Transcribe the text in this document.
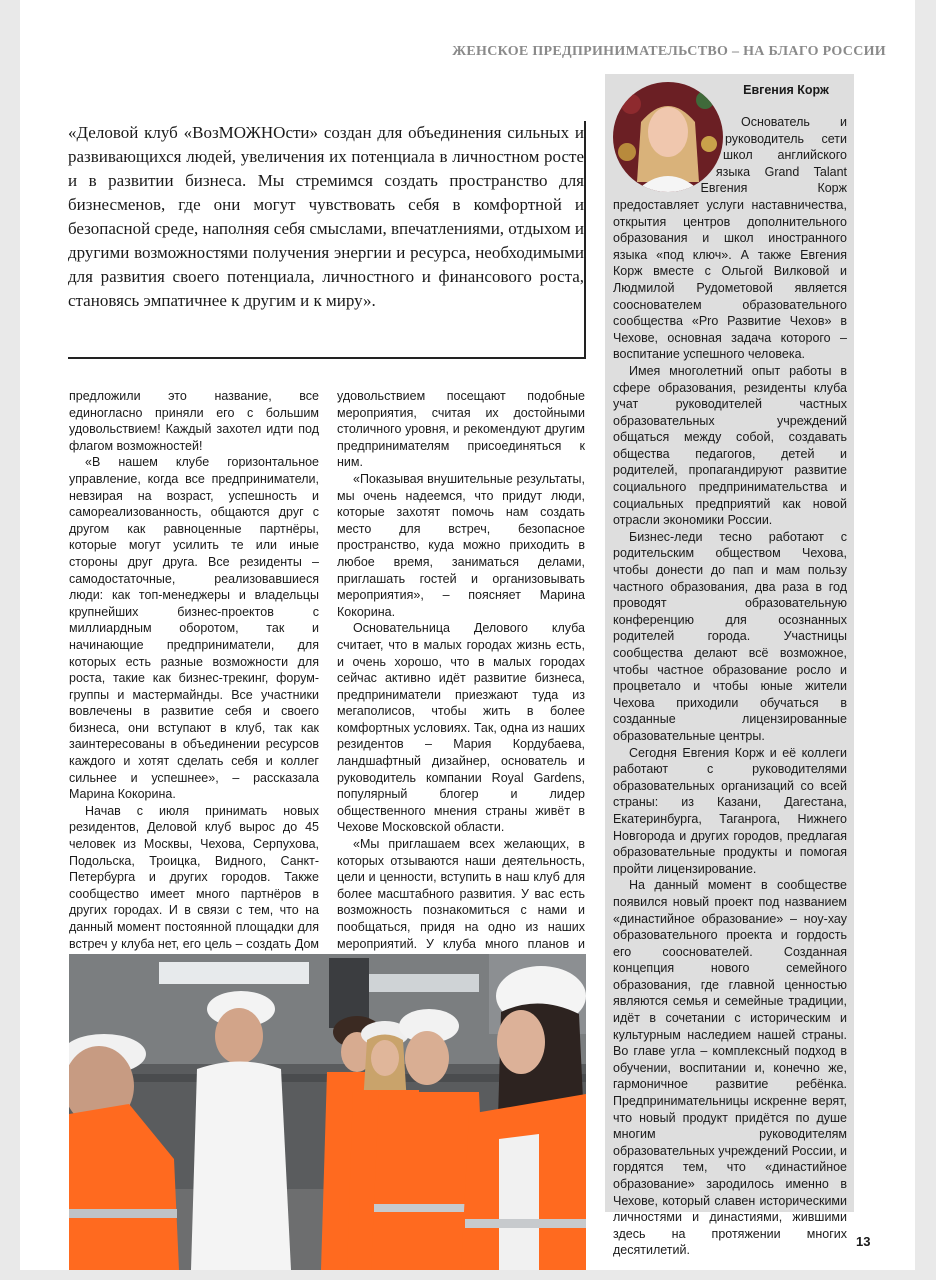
ЖЕНСКОЕ ПРЕДПРИНИМАТЕЛЬСТВО – НА БЛАГО РОССИИ

«Деловой клуб «ВозМОЖНОсти» создан для объединения сильных и развивающихся людей, увеличения их потенциала в личностном росте и в развитии бизнеса. Мы стремимся создать пространство для бизнесменов, где они могут чувствовать себя в комфортной и безопасной среде, наполняя себя смыслами, впечатлениями, отдыхом и другими возможностями получения энергии и ресурса, необходимыми для развития своего потенциала, личностного и финансового роста, становясь эмпатичнее к другим и к миру».

предложили это название, все единогласно приняли его с большим удовольствием! Каждый захотел идти под флагом возможностей!

«В нашем клубе горизонтальное управление, когда все предприниматели, невзирая на возраст, успешность и самореализованность, общаются друг с другом как равноценные партнёры, которые могут усилить те или иные стороны друг друга. Все резиденты – самодостаточные, реализовавшиеся люди: как топ-менеджеры и владельцы крупнейших бизнес-проектов с миллиардным оборотом, так и начинающие предприниматели, для которых есть разные возможности для роста, такие как бизнес-трекинг, форум-группы и мастермайнды. Все участники вовлечены в развитие себя и своего бизнеса, они вступают в клуб, так как заинтересованы в объединении ресурсов каждого и хотят сделать себя и коллег сильнее и успешнее», – рассказала Марина Кокорина.

Начав с июля принимать новых резидентов, Деловой клуб вырос до 45 человек из Москвы, Чехова, Серпухова, Подольска, Троицка, Видного, Санкт-Петербурга и других городов. Также сообщество имеет много партнёров в других городах. И в связи с тем, что на данный момент постоянной площадки для встреч у клуба нет, его цель – создать Дом

удовольствием посещают подобные мероприятия, считая их достойными столичного уровня, и рекомендуют другим предпринимателям присоединяться к ним.

«Показывая внушительные результаты, мы очень надеемся, что придут люди, которые захотят помочь нам создать место для встреч, безопасное пространство, куда можно приходить в любое время, заниматься делами, приглашать гостей и организовывать мероприятия», – поясняет Марина Кокорина.

Основательница Делового клуба считает, что в малых городах жизнь есть, и очень хорошо, что в малых городах сейчас активно идёт развитие бизнеса, предприниматели приезжают туда из мегаполисов, чтобы жить в более комфортных условиях. Так, одна из наших резидентов – Мария Кордубаева, ландшафтный дизайнер, основатель и руководитель компании Royal Gardens, популярный блогер и лидер общественного мнения страны живёт в Чехове Московской области.

«Мы приглашаем всех желающих, в которых отзываются наши деятельность, цели и ценности, вступить в наш клуб для более масштабного развития. У вас есть возможность познакомиться с нами и пообщаться, придя на одно из наших мероприятий. У клуба много планов и

Евгения Корж

Основатель и руководитель сети школ английского языка Grand Talant Евгения Корж предоставляет услуги наставничества, открытия центров дополнительного образования и школ иностранного языка «под ключ». А также Евгения Корж вместе с Ольгой Вилковой и Людмилой Рудометовой является сооснователем образовательного сообщества «Pro Развитие Чехов» в Чехове, основная задача которого – воспитание успешного человека.

Имея многолетний опыт работы в сфере образования, резиденты клуба учат руководителей частных образовательных учреждений общаться между собой, создавать общества педагогов, детей и родителей, пропагандируют развитие социального предпринимательства и социальных предприятий как новой отрасли экономики России.

Бизнес-леди тесно работают с родительским обществом Чехова, чтобы донести до пап и мам пользу частного образования, два раза в год проводят образовательную конференцию для осознанных родителей города. Участницы сообщества делают всё возможное, чтобы частное образование росло и процветало и чтобы юные жители Чехова приходили обучаться в созданные лицензированные образовательные центры.

Сегодня Евгения Корж и её коллеги работают с руководителями образовательных организаций со всей страны: из Казани, Дагестана, Екатеринбурга, Таганрога, Нижнего Новгорода и других городов, предлагая образовательные продукты и помогая пройти лицензирование.

На данный момент в сообществе появился новый проект под названием «династийное образование» – ноу-хау образовательного проекта и гордость его сооснователей. Созданная концепция нового семейного образования, где главной ценностью являются семья и семейные традиции, идёт в сочетании с историческим и культурным наследием нашей страны. Во главе угла – комплексный подход в обучении, воспитании и, конечно же, гармоничное развитие ребёнка. Предпринимательницы искренне верят, что новый продукт придётся по душе многим руководителям образовательных учреждений России, и гордятся тем, что «династийное образование» зародилось именно в Чехове, который славен историческими личностями и династиями, жившими здесь на протяжении многих десятилетий.

13
